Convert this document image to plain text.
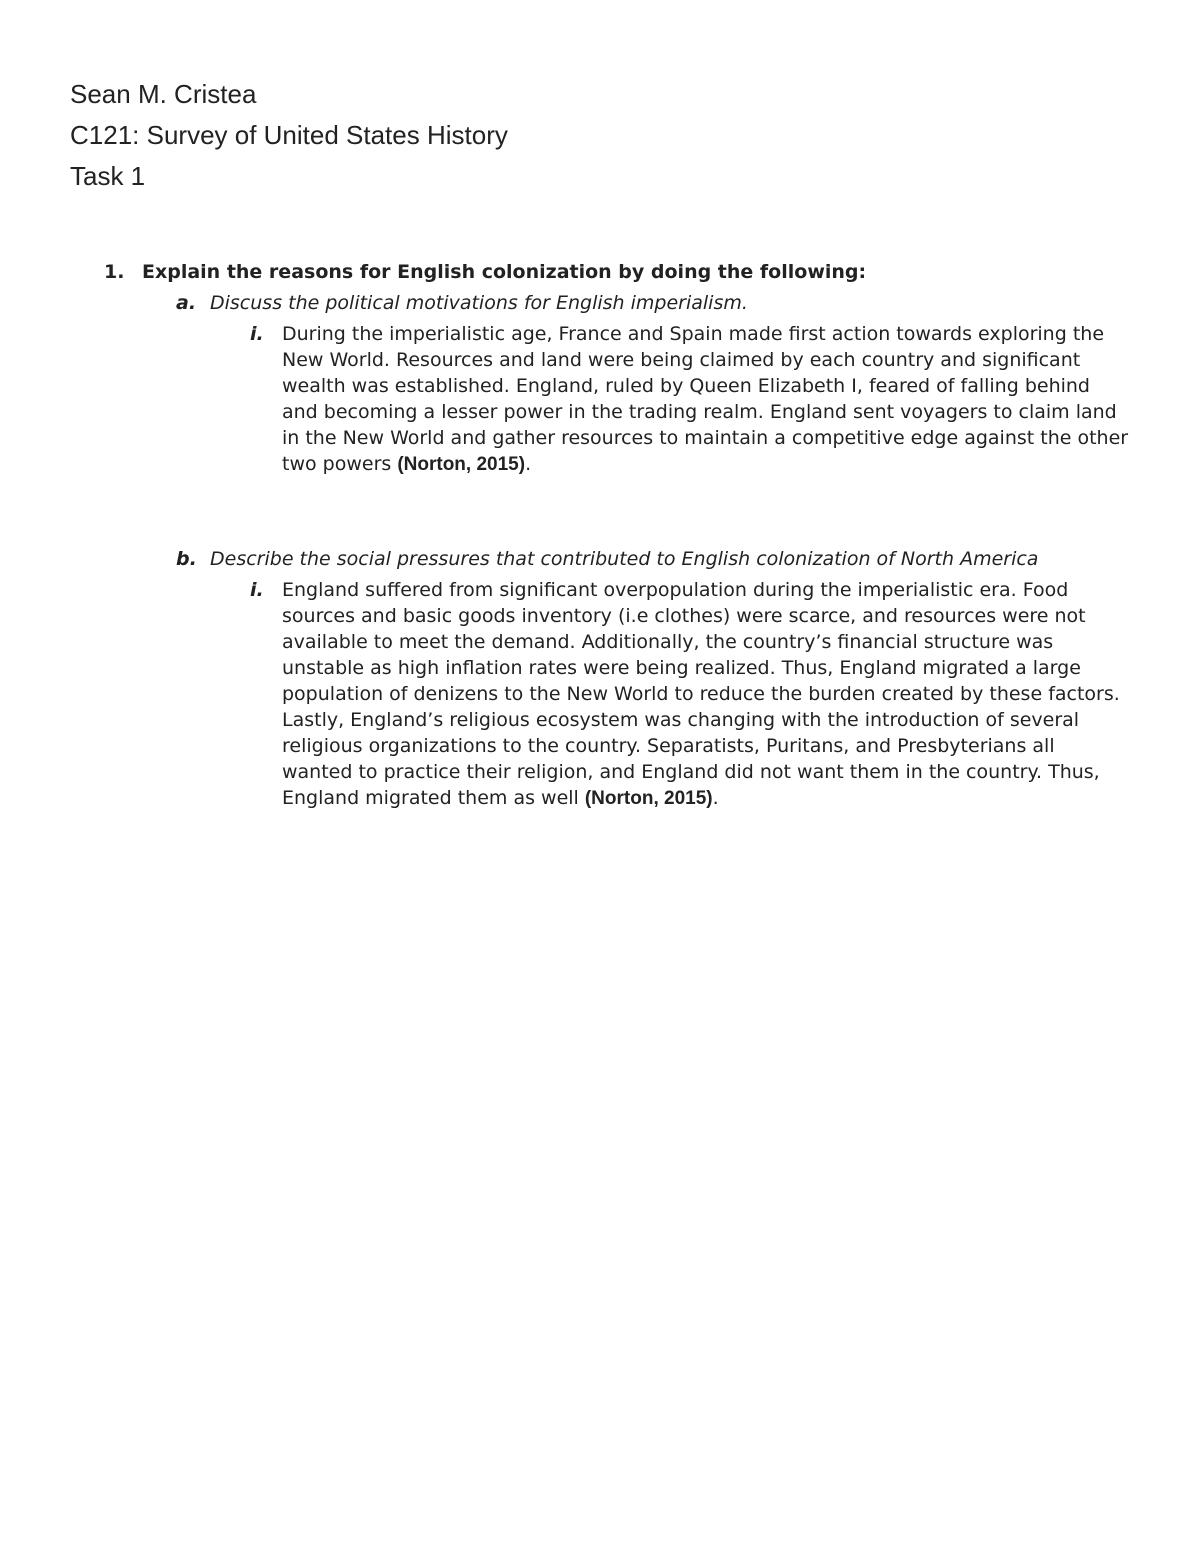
Sean M. Cristea
C121: Survey of United States History
Task 1
1. Explain the reasons for English colonization by doing the following:
a. Discuss the political motivations for English imperialism.
i. During the imperialistic age, France and Spain made first action towards exploring the New World. Resources and land were being claimed by each country and significant wealth was established. England, ruled by Queen Elizabeth I, feared of falling behind and becoming a lesser power in the trading realm. England sent voyagers to claim land in the New World and gather resources to maintain a competitive edge against the other two powers (Norton, 2015).
b. Describe the social pressures that contributed to English colonization of North America
i. England suffered from significant overpopulation during the imperialistic era. Food sources and basic goods inventory (i.e clothes) were scarce, and resources were not available to meet the demand. Additionally, the country’s financial structure was unstable as high inflation rates were being realized. Thus, England migrated a large population of denizens to the New World to reduce the burden created by these factors. Lastly, England’s religious ecosystem was changing with the introduction of several religious organizations to the country. Separatists, Puritans, and Presbyterians all wanted to practice their religion, and England did not want them in the country. Thus, England migrated them as well (Norton, 2015).
